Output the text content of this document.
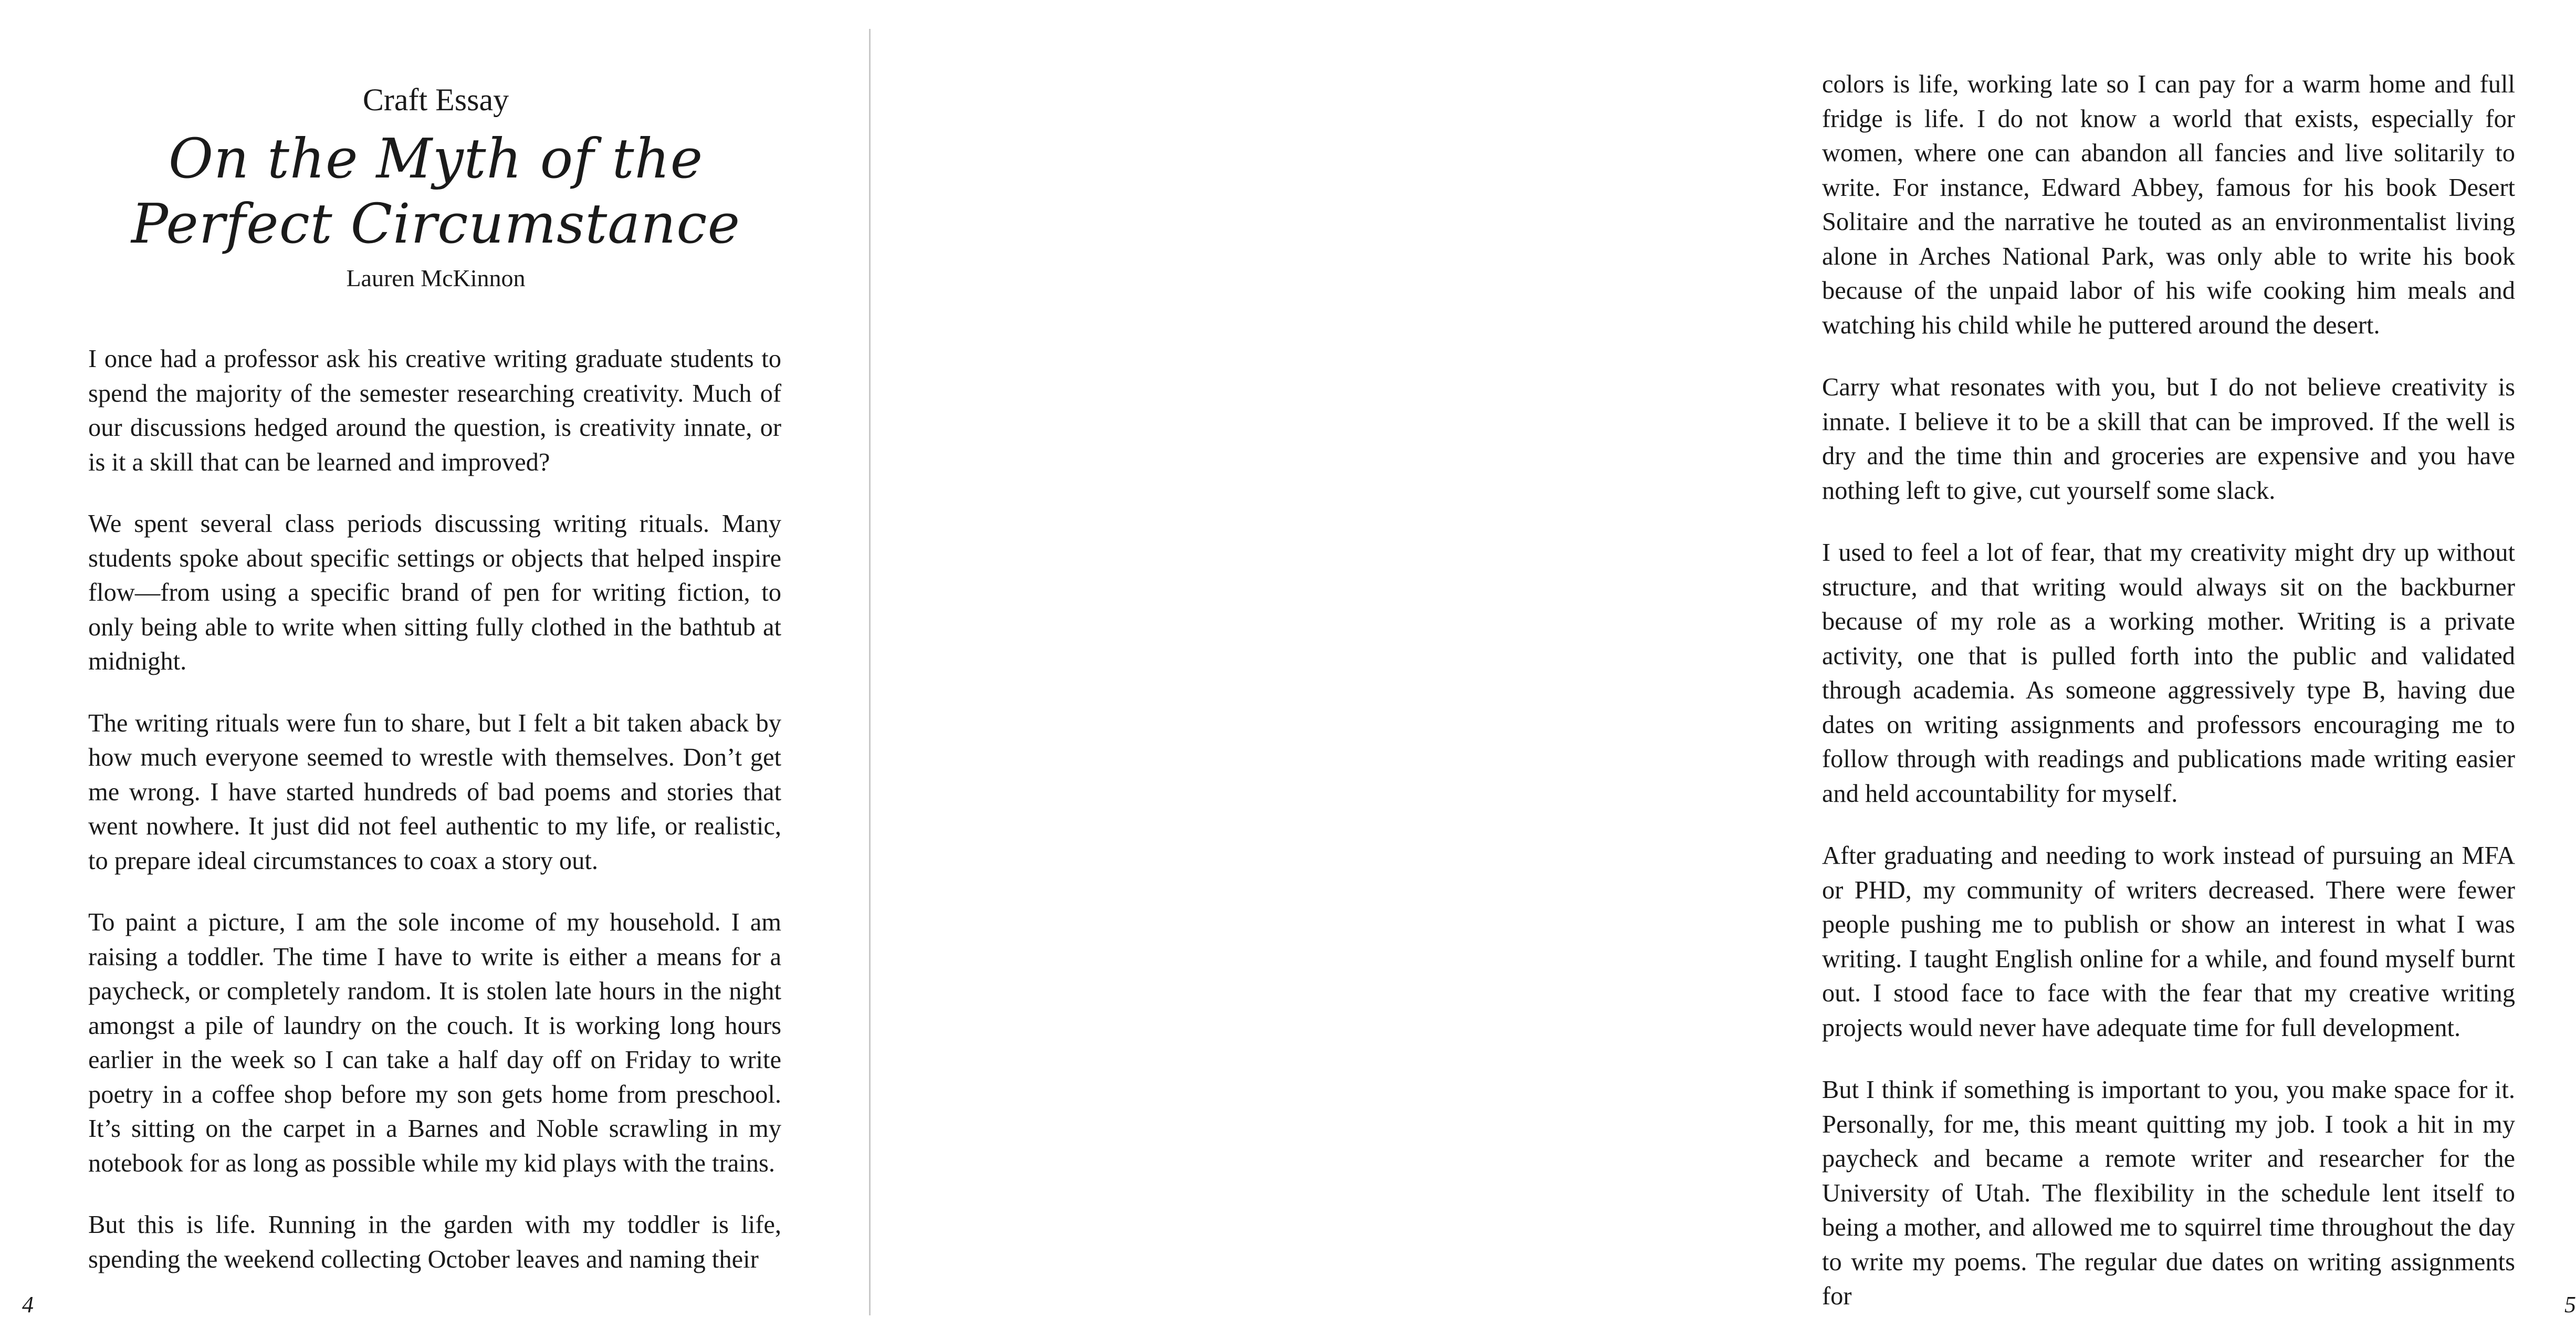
Craft Essay
On the Myth of the
Perfect Circumstance
Lauren McKinnon

I once had a professor ask his creative writing graduate students to spend the majority of the semester researching creativity. Much of our discussions hedged around the question, is creativity innate, or is it a skill that can be learned and improved?

We spent several class periods discussing writing rituals. Many students spoke about specific settings or objects that helped inspire flow—from using a specific brand of pen for writing fiction, to only being able to write when sitting fully clothed in the bathtub at midnight.

The writing rituals were fun to share, but I felt a bit taken aback by how much everyone seemed to wrestle with themselves. Don’t get me wrong. I have started hundreds of bad poems and stories that went nowhere. It just did not feel authentic to my life, or realistic, to prepare ideal circumstances to coax a story out.

To paint a picture, I am the sole income of my household. I am raising a toddler. The time I have to write is either a means for a paycheck, or completely random. It is stolen late hours in the night amongst a pile of laundry on the couch. It is working long hours earlier in the week so I can take a half day off on Friday to write poetry in a coffee shop before my son gets home from preschool. It’s sitting on the carpet in a Barnes and Noble scrawling in my notebook for as long as possible while my kid plays with the trains.

But this is life. Running in the garden with my toddler is life, spending the weekend collecting October leaves and naming their

4

colors is life, working late so I can pay for a warm home and full fridge is life. I do not know a world that exists, especially for women, where one can abandon all fancies and live solitarily to write. For instance, Edward Abbey, famous for his book Desert Solitaire and the narrative he touted as an environmentalist living alone in Arches National Park, was only able to write his book because of the unpaid labor of his wife cooking him meals and watching his child while he puttered around the desert.

Carry what resonates with you, but I do not believe creativity is innate. I believe it to be a skill that can be improved. If the well is dry and the time thin and groceries are expensive and you have nothing left to give, cut yourself some slack.

I used to feel a lot of fear, that my creativity might dry up without structure, and that writing would always sit on the backburner because of my role as a working mother. Writing is a private activity, one that is pulled forth into the public and validated through academia. As someone aggressively type B, having due dates on writing assignments and professors encouraging me to follow through with readings and publications made writing easier and held accountability for myself.

After graduating and needing to work instead of pursuing an MFA or PHD, my community of writers decreased. There were fewer people pushing me to publish or show an interest in what I was writing. I taught English online for a while, and found myself burnt out. I stood face to face with the fear that my creative writing projects would never have adequate time for full development.

But I think if something is important to you, you make space for it. Personally, for me, this meant quitting my job. I took a hit in my paycheck and became a remote writer and researcher for the University of Utah. The flexibility in the schedule lent itself to being a mother, and allowed me to squirrel time throughout the day to write my poems. The regular due dates on writing assignments for	5
